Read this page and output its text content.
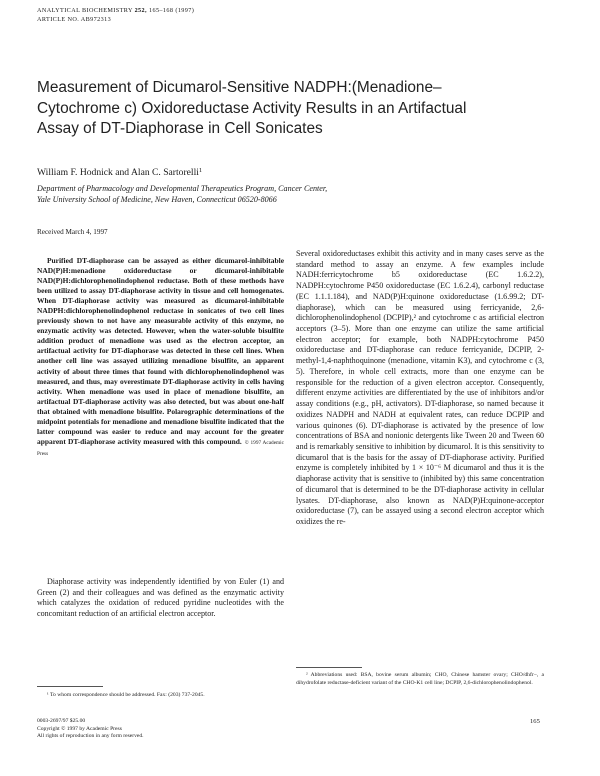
ANALYTICAL BIOCHEMISTRY 252, 165–168 (1997)
ARTICLE NO. AB972313
Measurement of Dicumarol-Sensitive NADPH:(Menadione–Cytochrome c) Oxidoreductase Activity Results in an Artifactual Assay of DT-Diaphorase in Cell Sonicates
William F. Hodnick and Alan C. Sartorelli$^1$
Department of Pharmacology and Developmental Therapeutics Program, Cancer Center,
Yale University School of Medicine, New Haven, Connecticut 06520-8066
Received March 4, 1997

Purified DT-diaphorase can be assayed as either dicumarol-inhibitable NAD(P)H:menadione oxidoreductase or dicumarol-inhibitable NAD(P)H:dichlorophenolindophenol reductase. Both of these methods have been utilized to assay DT-diaphorase activity in tissue and cell homogenates. When DT-diaphorase activity was measured as dicumarol-inhibitable NADPH:dichlorophenolindophenol reductase in sonicates of two cell lines previously shown to not have any measurable activity of this enzyme, no enzymatic activity was detected. However, when the water-soluble bisulfite addition product of menadione was used as the electron acceptor, an artifactual activity for DT-diaphorase was detected in these cell lines. When another cell line was assayed utilizing menadione bisulfite, an apparent activity of about three times that found with dichlorophenolindophenol was measured, and thus, may overestimate DT-diaphorase activity in cells having activity. When menadione was used in place of menadione bisulfite, an artifactual DT-diaphorase activity was also detected, but was about one-half that obtained with menadione bisulfite. Polarographic determinations of the midpoint potentials for menadione and menadione bisulfite indicated that the latter compound was easier to reduce and may account for the greater apparent DT-diaphorase activity measured with this compound. © 1997 Academic Press

Diaphorase activity was independently identified by von Euler (1) and Green (2) and their colleagues and was defined as the enzymatic activity which catalyzes the oxidation of reduced pyridine nucleotides with the concomitant reduction of an artificial electron acceptor.

Several oxidoreductases exhibit this activity and in many cases serve as the standard method to assay an enzyme. A few examples include NADH:ferricytochrome b5 oxidoreductase (EC 1.6.2.2), NADPH:cytochrome P450 oxidoreductase (EC 1.6.2.4), carbonyl reductase (EC 1.1.1.184), and NAD(P)H:quinone oxidoreductase (1.6.99.2; DT-diaphorase), which can be measured using ferricyanide, 2,6-dichlorophenolindophenol (DCPIP),² and cytochrome c as artificial electron acceptors (3–5). More than one enzyme can utilize the same artificial electron acceptor; for example, both NADPH:cytochrome P450 oxidoreductase and DT-diaphorase can reduce ferricyanide, DCPIP, 2-methyl-1,4-naphthoquinone (menadione, vitamin K3), and cytochrome c (3, 5). Therefore, in whole cell extracts, more than one enzyme can be responsible for the reduction of a given electron acceptor. Consequently, different enzyme activities are differentiated by the use of inhibitors and/or assay conditions (e.g., pH, activators). DT-diaphorase, so named because it oxidizes NADPH and NADH at equivalent rates, can reduce DCPIP and various quinones (6). DT-diaphorase is activated by the presence of low concentrations of BSA and nonionic detergents like Tween 20 and Tween 60 and is remarkably sensitive to inhibition by dicumarol. It is this sensitivity to dicumarol that is the basis for the assay of DT-diaphorase activity. Purified enzyme is completely inhibited by 1 × 10⁻⁶ M dicumarol and thus it is the diaphorase activity that is sensitive to (inhibited by) this same concentration of dicumarol that is determined to be the DT-diaphorase activity in cellular lysates. DT-diaphorase, also known as NAD(P)H:quinone-acceptor oxidoreductase (7), can be assayed using a second electron acceptor which oxidizes the re-

¹ To whom correspondence should be addressed. Fax: (203) 737-2045.

² Abbreviations used: BSA, bovine serum albumin; CHO, Chinese hamster ovary; CHO/dhfr−, a dihydrofolate reductase-deficient variant of the CHO-K1 cell line; DCPIP, 2,6-dichlorophenolindophenol.

0003-2697/97 $25.00
Copyright © 1997 by Academic Press
All rights of reproduction in any form reserved.
165
